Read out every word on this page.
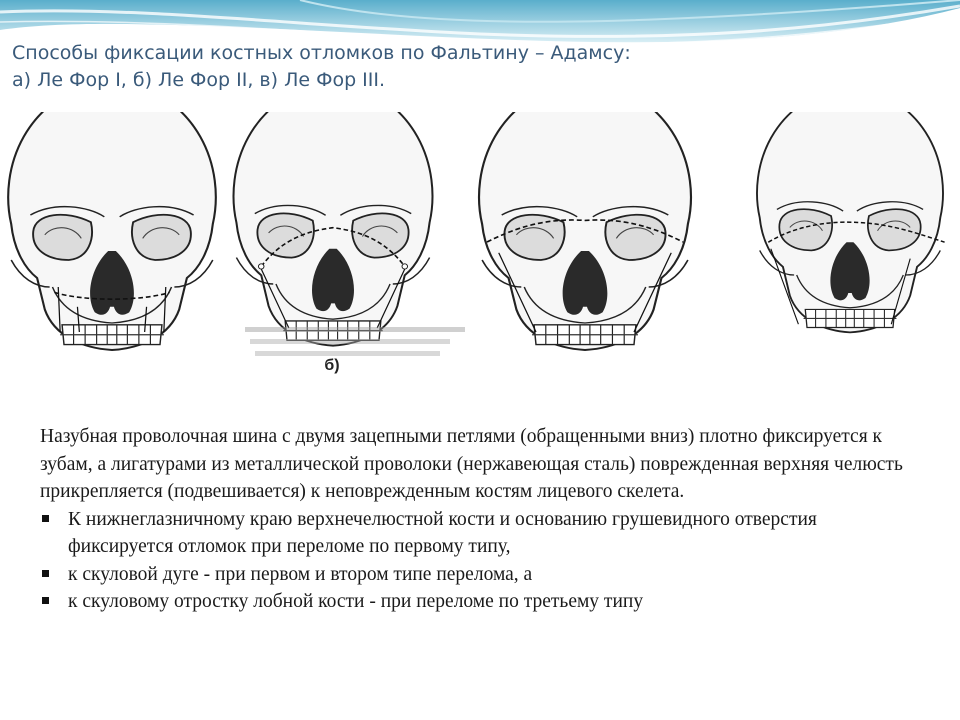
Способы фиксации костных отломков по Фальтину – Адамсу:
а) Ле Фор I, б) Ле Фор II, в) Ле Фор III.
б)

Назубная проволочная шина с двумя зацепными петлями (обращенными вниз) плотно фиксируется к зубам, а лигатурами из металлической проволоки (нержавеющая сталь) поврежденная верхняя челюсть прикрепляется (подвешивается) к неповрежденным костям лицевого скелета.

К нижнеглазничному краю верхнечелюстной кости и основанию грушевидного отверстия фиксируется отломок при переломе по первому типу,
к скуловой дуге - при первом и втором типе перелома, а
к скуловому отростку лобной кости - при переломе по третьему типу
